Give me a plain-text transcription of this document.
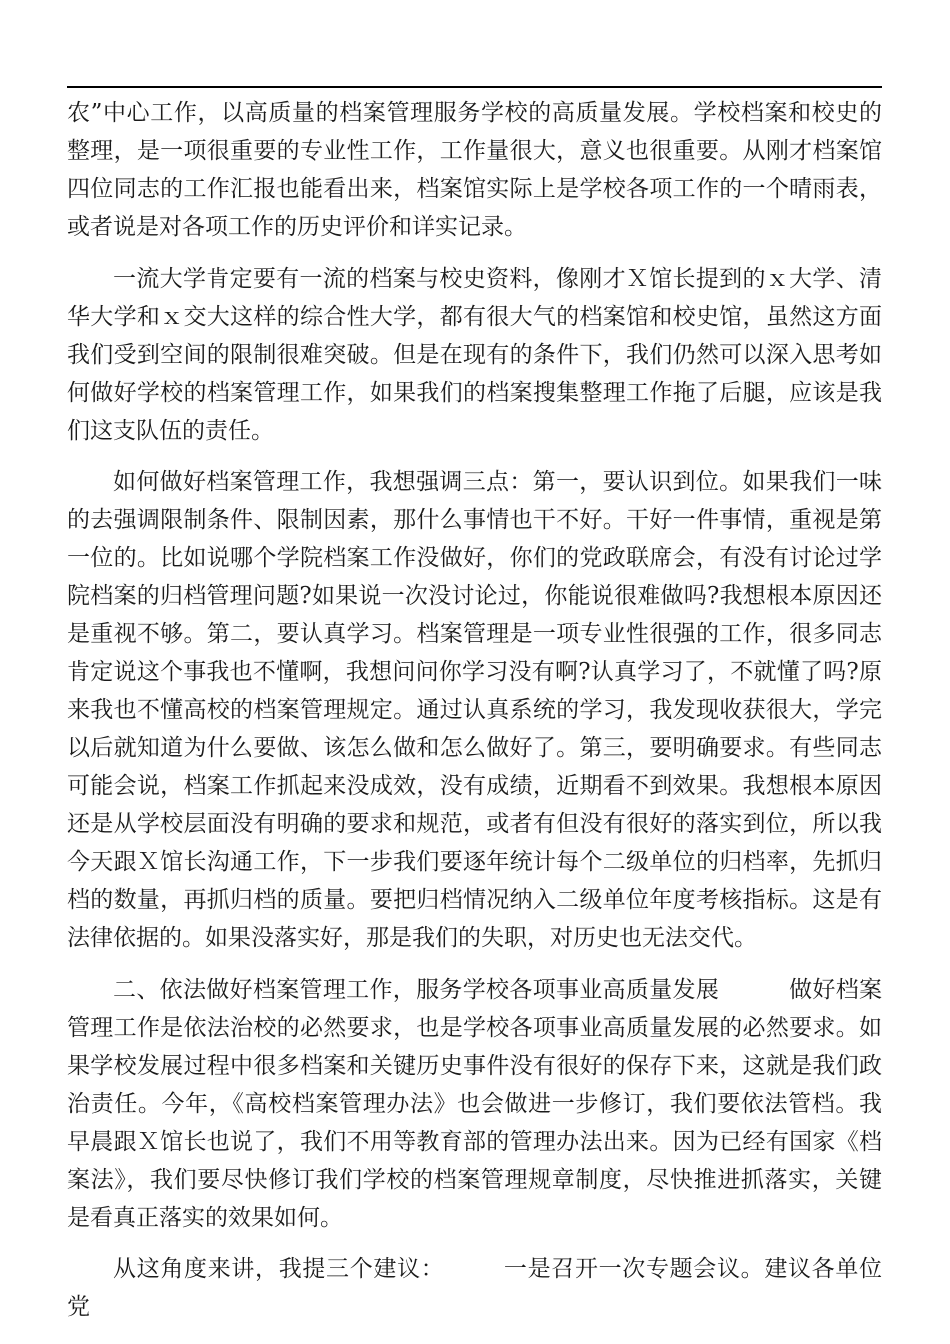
农”中心工作，以高质量的档案管理服务学校的高质量发展。学校档案和校史的整理，是一项很重要的专业性工作，工作量很大，意义也很重要。从刚才档案馆四位同志的工作汇报也能看出来，档案馆实际上是学校各项工作的一个晴雨表，或者说是对各项工作的历史评价和详实记录。

一流大学肯定要有一流的档案与校史资料，像刚才Ｘ馆长提到的ｘ大学、清华大学和ｘ交大这样的综合性大学，都有很大气的档案馆和校史馆，虽然这方面我们受到空间的限制很难突破。但是在现有的条件下，我们仍然可以深入思考如何做好学校的档案管理工作，如果我们的档案搜集整理工作拖了后腿，应该是我们这支队伍的责任。

如何做好档案管理工作，我想强调三点：第一，要认识到位。如果我们一味的去强调限制条件、限制因素，那什么事情也干不好。干好一件事情，重视是第一位的。比如说哪个学院档案工作没做好，你们的党政联席会，有没有讨论过学院档案的归档管理问题?如果说一次没讨论过，你能说很难做吗?我想根本原因还是重视不够。第二，要认真学习。档案管理是一项专业性很强的工作，很多同志肯定说这个事我也不懂啊，我想问问你学习没有啊?认真学习了，不就懂了吗?原来我也不懂高校的档案管理规定。通过认真系统的学习，我发现收获很大，学完以后就知道为什么要做、该怎么做和怎么做好了。第三，要明确要求。有些同志可能会说，档案工作抓起来没成效，没有成绩，近期看不到效果。我想根本原因还是从学校层面没有明确的要求和规范，或者有但没有很好的落实到位，所以我今天跟Ｘ馆长沟通工作，下一步我们要逐年统计每个二级单位的归档率，先抓归档的数量，再抓归档的质量。要把归档情况纳入二级单位年度考核指标。这是有法律依据的。如果没落实好，那是我们的失职，对历史也无法交代。

二、依法做好档案管理工作，服务学校各项事业高质量发展　　　做好档案管理工作是依法治校的必然要求，也是学校各项事业高质量发展的必然要求。如果学校发展过程中很多档案和关键历史事件没有很好的保存下来，这就是我们政治责任。今年，《高校档案管理办法》也会做进一步修订，我们要依法管档。我早晨跟Ｘ馆长也说了，我们不用等教育部的管理办法出来。因为已经有国家《档案法》，我们要尽快修订我们学校的档案管理规章制度，尽快推进抓落实，关键是看真正落实的效果如何。

从这角度来讲，我提三个建议：　　　一是召开一次专题会议。建议各单位党
